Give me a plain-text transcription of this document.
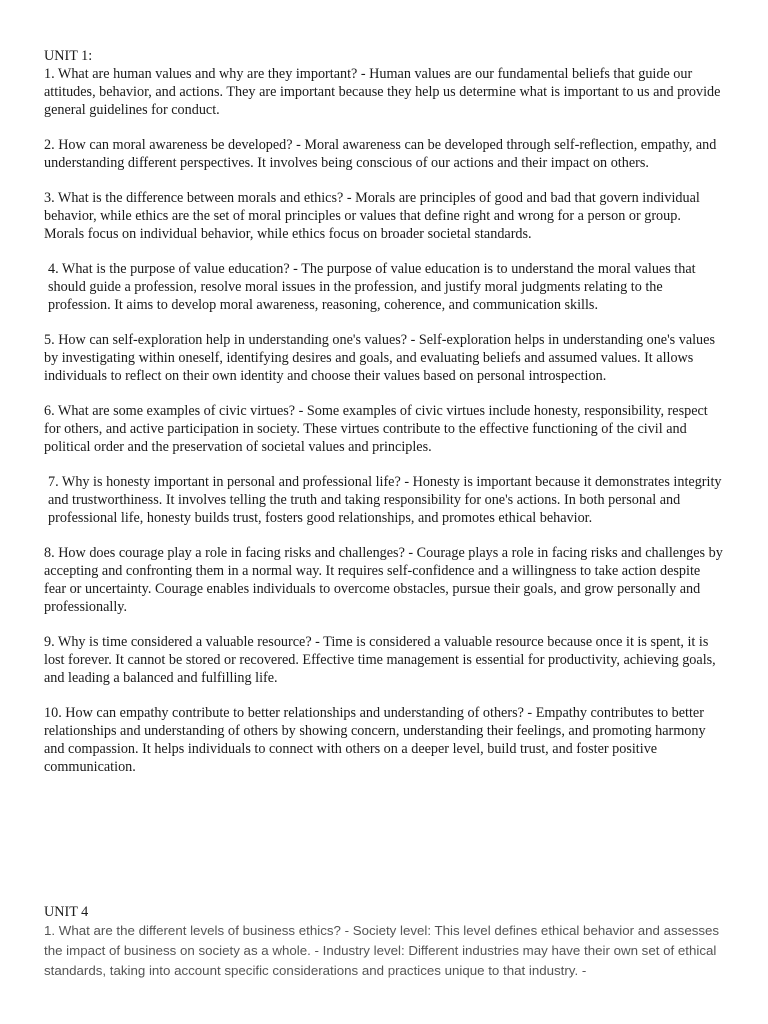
UNIT 1:

1. What are human values and why are they important? - Human values are our fundamental beliefs that guide our attitudes, behavior, and actions. They are important because they help us determine what is important to us and provide general guidelines for conduct.

2. How can moral awareness be developed? - Moral awareness can be developed through self-reflection, empathy, and understanding different perspectives. It involves being conscious of our actions and their impact on others.

3. What is the difference between morals and ethics? - Morals are principles of good and bad that govern individual behavior, while ethics are the set of moral principles or values that define right and wrong for a person or group. Morals focus on individual behavior, while ethics focus on broader societal standards.

4. What is the purpose of value education? - The purpose of value education is to understand the moral values that should guide a profession, resolve moral issues in the profession, and justify moral judgments relating to the profession. It aims to develop moral awareness, reasoning, coherence, and communication skills.

5. How can self-exploration help in understanding one's values? - Self-exploration helps in understanding one's values by investigating within oneself, identifying desires and goals, and evaluating beliefs and assumed values. It allows individuals to reflect on their own identity and choose their values based on personal introspection.

6. What are some examples of civic virtues? - Some examples of civic virtues include honesty, responsibility, respect for others, and active participation in society. These virtues contribute to the effective functioning of the civil and political order and the preservation of societal values and principles.

7. Why is honesty important in personal and professional life? - Honesty is important because it demonstrates integrity and trustworthiness. It involves telling the truth and taking responsibility for one's actions. In both personal and professional life, honesty builds trust, fosters good relationships, and promotes ethical behavior.

8. How does courage play a role in facing risks and challenges? - Courage plays a role in facing risks and challenges by accepting and confronting them in a normal way. It requires self-confidence and a willingness to take action despite fear or uncertainty. Courage enables individuals to overcome obstacles, pursue their goals, and grow personally and professionally.

9. Why is time considered a valuable resource? - Time is considered a valuable resource because once it is spent, it is lost forever. It cannot be stored or recovered. Effective time management is essential for productivity, achieving goals, and leading a balanced and fulfilling life.

10. How can empathy contribute to better relationships and understanding of others? - Empathy contributes to better relationships and understanding of others by showing concern, understanding their feelings, and promoting harmony and compassion. It helps individuals to connect with others on a deeper level, build trust, and foster positive communication.

UNIT 4

1. What are the different levels of business ethics? - Society level: This level defines ethical behavior and assesses the impact of business on society as a whole. - Industry level: Different industries may have their own set of ethical standards, taking into account specific considerations and practices unique to that industry. -
